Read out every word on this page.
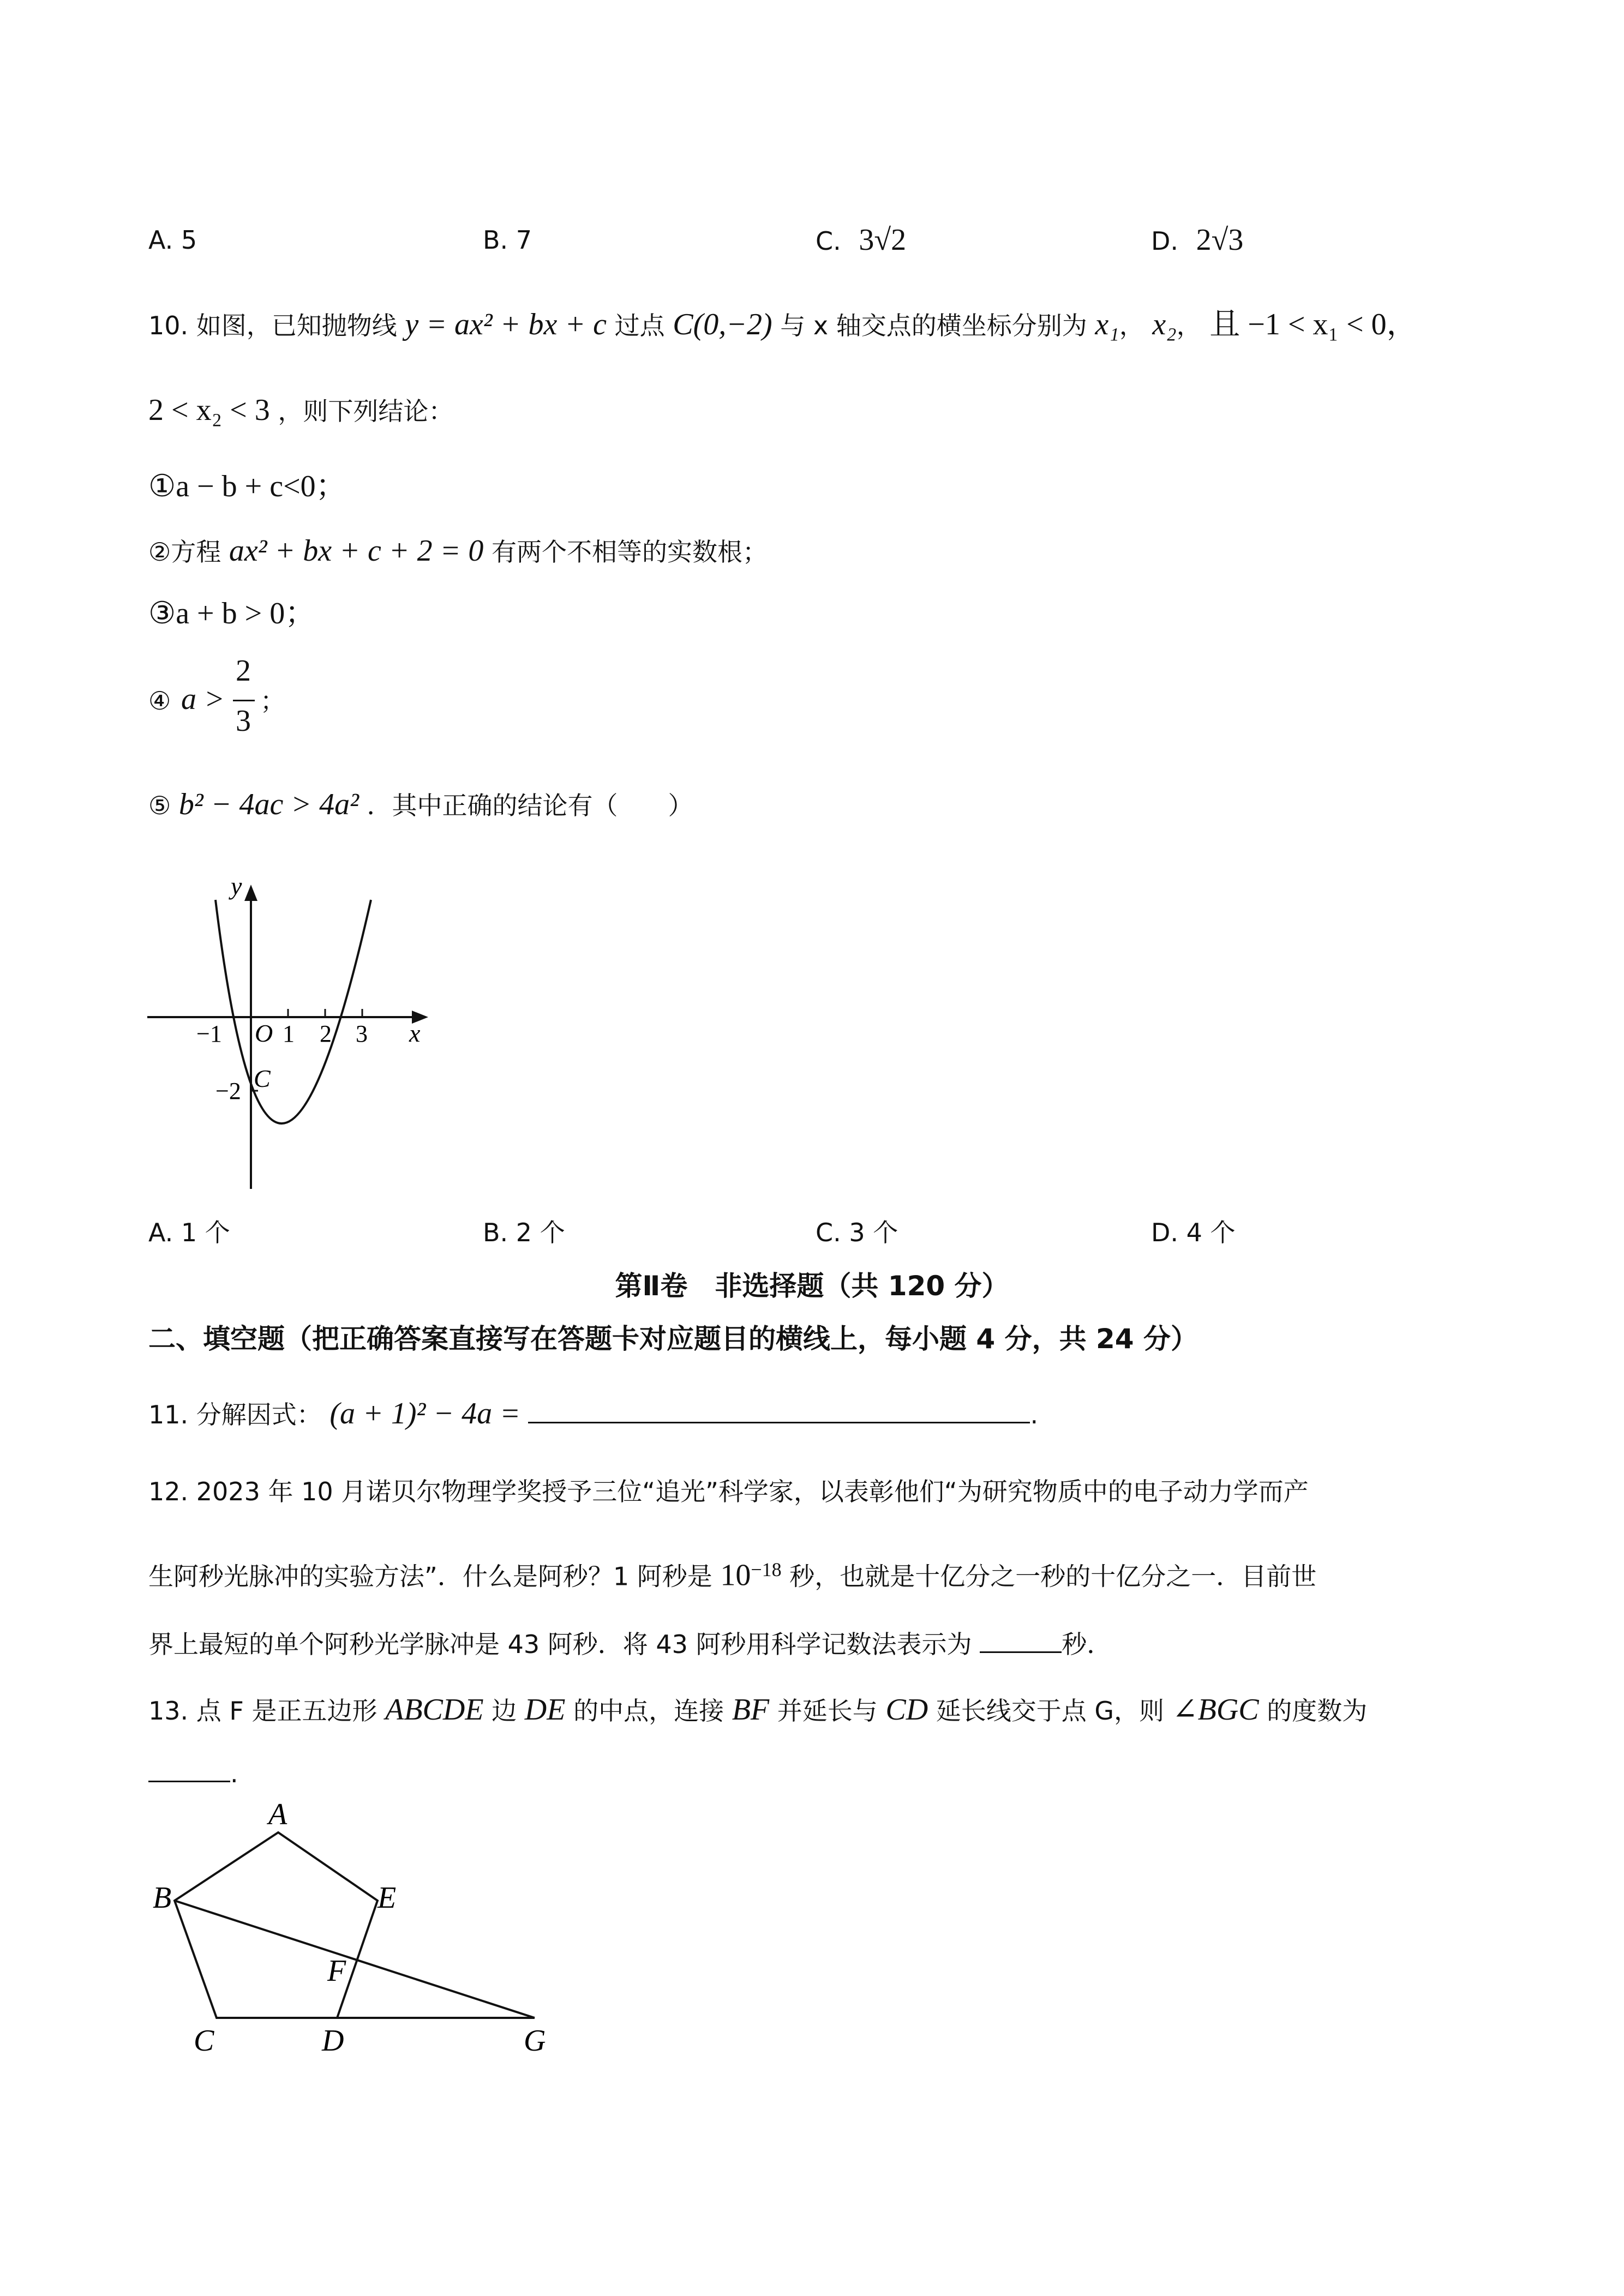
A. 5	B. 7	C. 3√2	D. 2√3
10. 如图，已知抛物线 y = ax² + bx + c 过点 C(0,−2) 与 x 轴交点的横坐标分别为 x₁， x₂， 且 −1 < x₁ < 0，
2 < x₂ < 3 ，则下列结论：
①a − b + c<0；
②方程 ax² + bx + c + 2 = 0 有两个不相等的实数根；
③a + b > 0；
④ a >
2
3
；
⑤ b² − 4ac > 4a² ．其中正确的结论有（　　）
y
x
O
−1	1 2 3
−2 C
A. 1 个	B. 2 个	C. 3 个	D. 4 个
第Ⅱ卷　非选择题（共 120 分）
二、填空题（把正确答案直接写在答题卡对应题目的横线上，每小题 4 分，共 24 分）
11. 分解因式： (a + 1)² − 4a =	.
12. 2023 年 10 月诺贝尔物理学奖授予三位“追光”科学家，以表彰他们“为研究物质中的电子动力学而产
生阿秒光脉冲的实验方法”．什么是阿秒？1 阿秒是 $10^{-18}$ 秒，也就是十亿分之一秒的十亿分之一．目前世
界上最短的单个阿秒光学脉冲是 43 阿秒．将 43 阿秒用科学记数法表示为	秒．
13. 点 F 是正五边形 ABCDE 边 DE 的中点，连接 BF 并延长与 CD 延长线交于点 G，则 ∠BGC 的度数为
.
A
B
C	D
E
F
G
